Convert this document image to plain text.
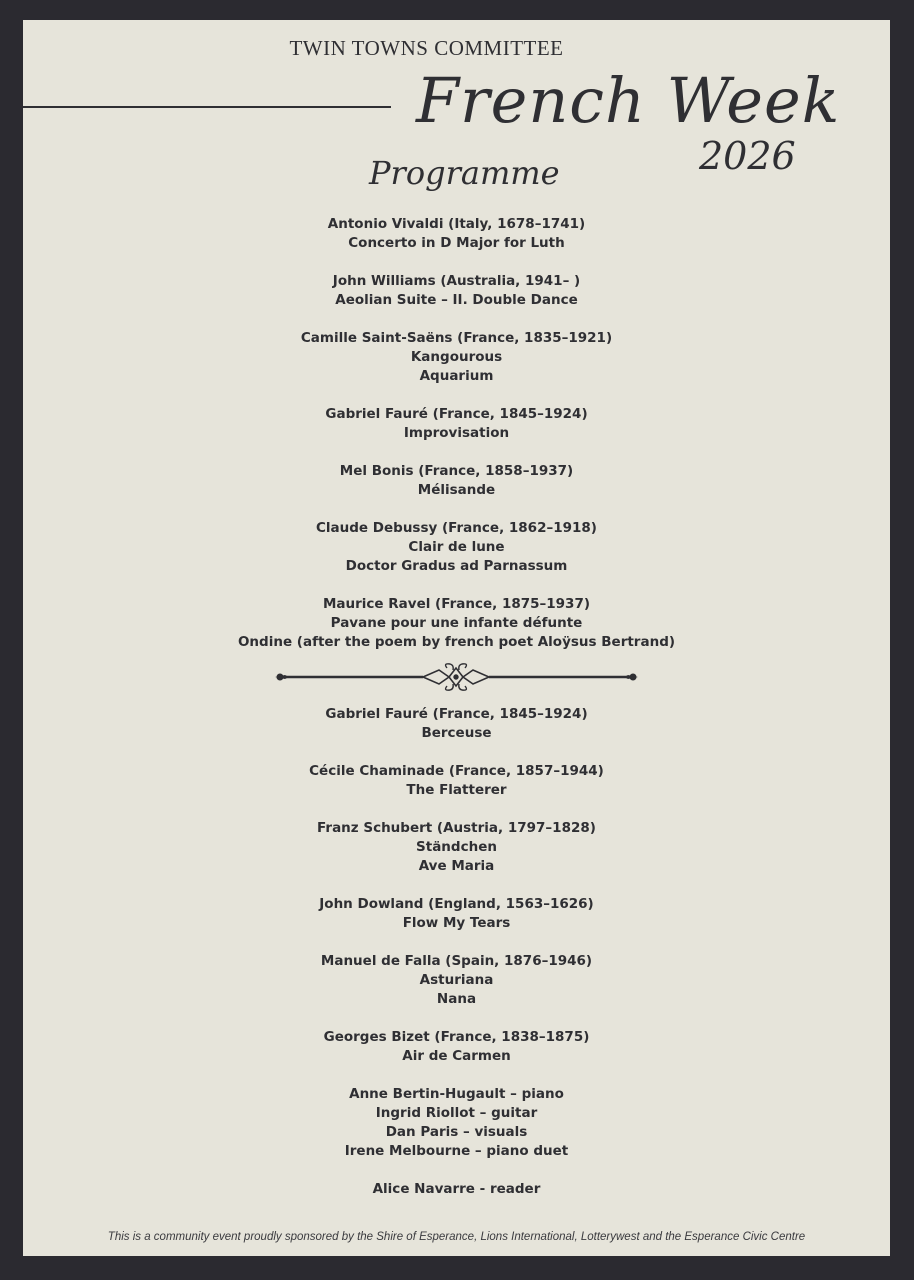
TWIN TOWNS COMMITTEE
French Week
2026
Programme
Antonio Vivaldi (Italy, 1678–1741)
Concerto in D Major for Luth
John Williams (Australia, 1941– )
Aeolian Suite – II. Double Dance
Camille Saint-Saëns (France, 1835–1921)
Kangourous
Aquarium
Gabriel Fauré (France, 1845–1924)
Improvisation
Mel Bonis (France, 1858–1937)
Mélisande
Claude Debussy (France, 1862–1918)
Clair de lune
Doctor Gradus ad Parnassum
Maurice Ravel (France, 1875–1937)
Pavane pour une infante défunte
Ondine (after the poem by french poet Aloÿsus Bertrand)
Gabriel Fauré (France, 1845–1924)
Berceuse
Cécile Chaminade (France, 1857–1944)
The Flatterer
Franz Schubert (Austria, 1797–1828)
Ständchen
Ave Maria
John Dowland (England, 1563–1626)
Flow My Tears
Manuel de Falla (Spain, 1876–1946)
Asturiana
Nana
Georges Bizet (France, 1838–1875)
Air de Carmen
Anne Bertin-Hugault – piano
Ingrid Riollot – guitar
Dan Paris – visuals
Irene Melbourne – piano duet
Alice Navarre - reader
This is a community event proudly sponsored by the Shire of Esperance, Lions International, Lotterywest and the Esperance Civic Centre
